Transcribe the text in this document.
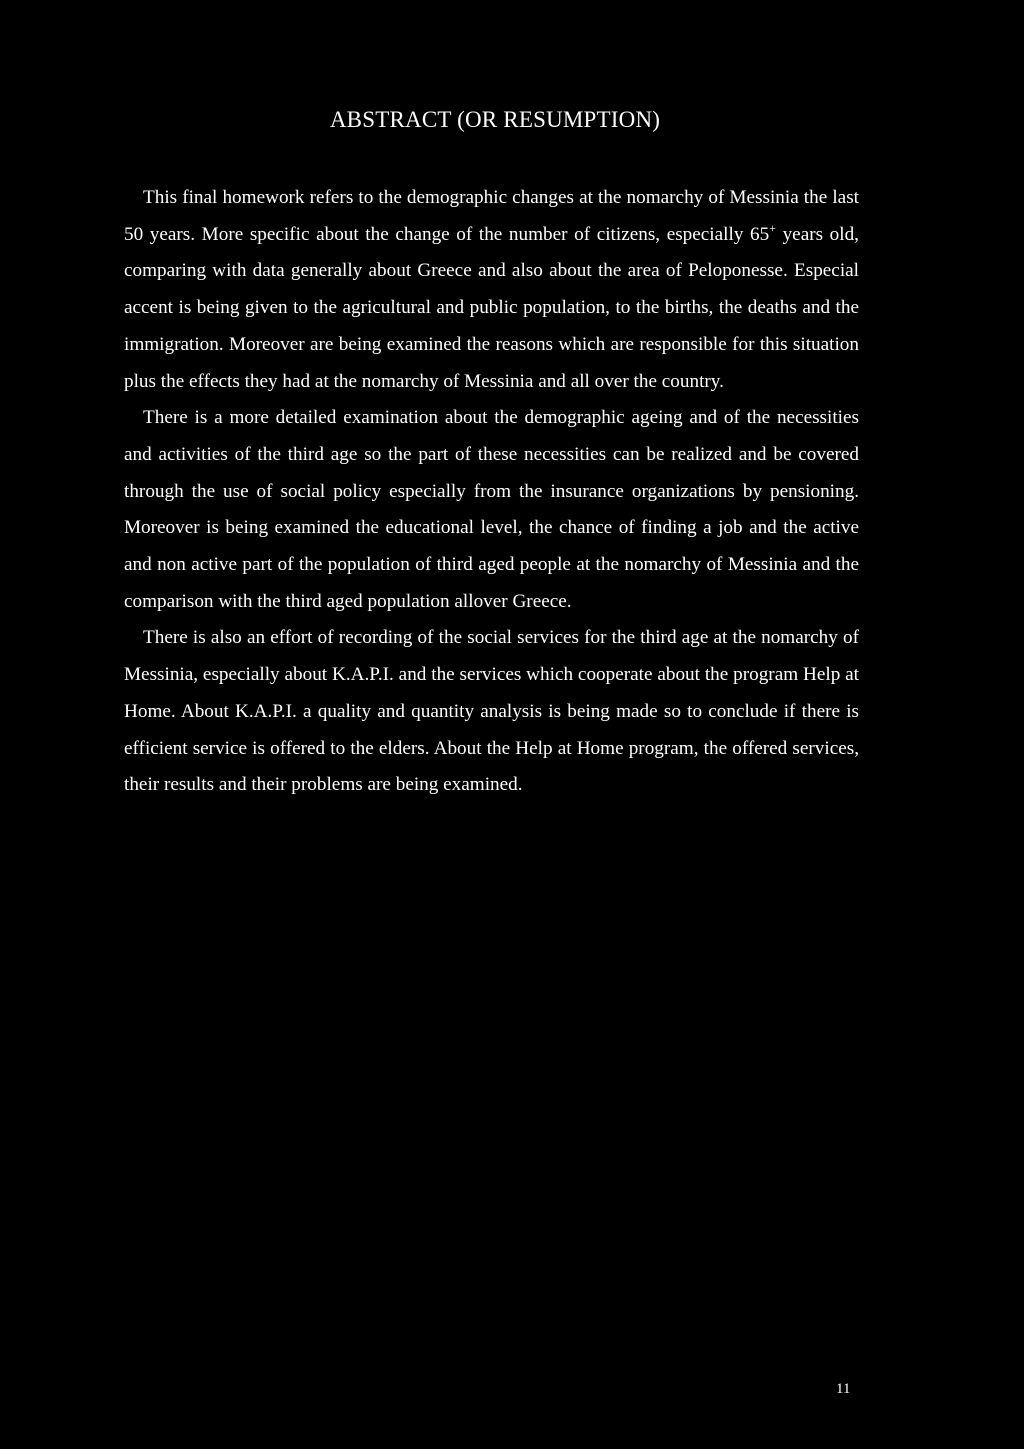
ABSTRACT (OR RESUMPTION)

This final homework refers to the demographic changes at the nomarchy of Messinia the last 50 years. More specific about the change of the number of citizens, especially 65+ years old, comparing with data generally about Greece and also about the area of Peloponesse. Especial accent is being given to the agricultural and public population, to the births, the deaths and the immigration. Moreover are being examined the reasons which are responsible for this situation plus the effects they had at the nomarchy of Messinia and all over the country.

There is a more detailed examination about the demographic ageing and of the necessities and activities of the third age so the part of these necessities can be realized and be covered through the use of social policy especially from the insurance organizations by pensioning. Moreover is being examined the educational level, the chance of finding a job and the active and non active part of the population of third aged people at the nomarchy of Messinia and the comparison with the third aged population allover Greece.

There is also an effort of recording of the social services for the third age at the nomarchy of Messinia, especially about K.A.P.I. and the services which cooperate about the program Help at Home. About K.A.P.I. a quality and quantity analysis is being made so to conclude if there is efficient service is offered to the elders. About the Help at Home program, the offered services, their results and their problems are being examined.

11
